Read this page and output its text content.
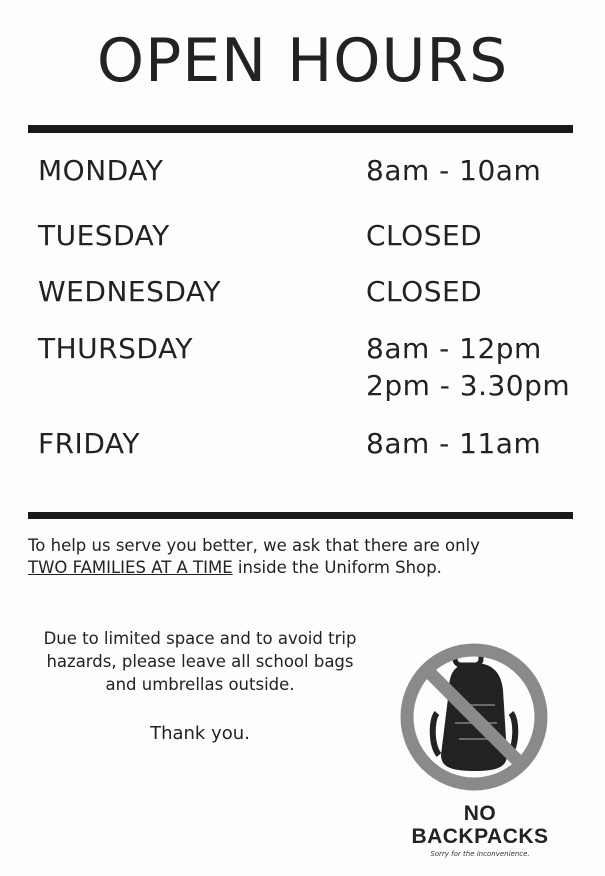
OPEN HOURS
MONDAY	8am - 10am
TUESDAY	CLOSED
WEDNESDAY	CLOSED
THURSDAY	8am - 12pm
2pm - 3.30pm
FRIDAY	8am - 11am
To help us serve you better, we ask that there are only
TWO FAMILIES AT A TIME inside the Uniform Shop.
Due to limited space and to avoid trip
hazards, please leave all school bags
and umbrellas outside.
Thank you.
NO
BACKPACKS
Sorry for the inconvenience.
